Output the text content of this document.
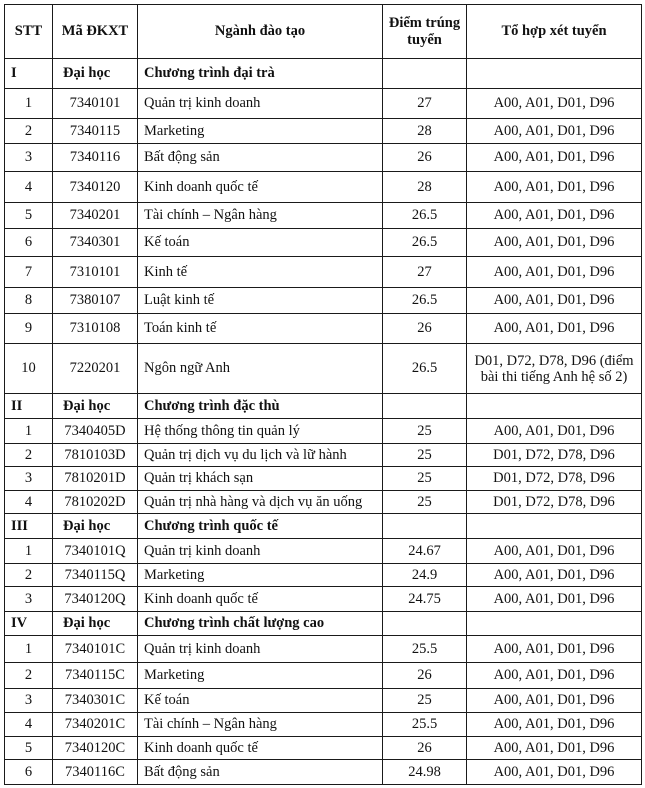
STT	Mã ĐKXT	Ngành đào tạo	Điểm trúng tuyển	Tổ hợp xét tuyển
I	Đại học	Chương trình đại trà		
1	7340101	Quản trị kinh doanh	27	A00, A01, D01, D96
2	7340115	Marketing	28	A00, A01, D01, D96
3	7340116	Bất động sản	26	A00, A01, D01, D96
4	7340120	Kinh doanh quốc tế	28	A00, A01, D01, D96
5	7340201	Tài chính – Ngân hàng	26.5	A00, A01, D01, D96
6	7340301	Kế toán	26.5	A00, A01, D01, D96
7	7310101	Kinh tế	27	A00, A01, D01, D96
8	7380107	Luật kinh tế	26.5	A00, A01, D01, D96
9	7310108	Toán kinh tế	26	A00, A01, D01, D96
10	7220201	Ngôn ngữ Anh	26.5	D01, D72, D78, D96 (điểm bài thi tiếng Anh hệ số 2)
II	Đại học	Chương trình đặc thù		
1	7340405D	Hệ thống thông tin quản lý	25	A00, A01, D01, D96
2	7810103D	Quản trị dịch vụ du lịch và lữ hành	25	D01, D72, D78, D96
3	7810201D	Quản trị khách sạn	25	D01, D72, D78, D96
4	7810202D	Quản trị nhà hàng và dịch vụ ăn uống	25	D01, D72, D78, D96
III	Đại học	Chương trình quốc tế		
1	7340101Q	Quản trị kinh doanh	24.67	A00, A01, D01, D96
2	7340115Q	Marketing	24.9	A00, A01, D01, D96
3	7340120Q	Kinh doanh quốc tế	24.75	A00, A01, D01, D96
IV	Đại học	Chương trình chất lượng cao		
1	7340101C	Quản trị kinh doanh	25.5	A00, A01, D01, D96
2	7340115C	Marketing	26	A00, A01, D01, D96
3	7340301C	Kế toán	25	A00, A01, D01, D96
4	7340201C	Tài chính – Ngân hàng	25.5	A00, A01, D01, D96
5	7340120C	Kinh doanh quốc tế	26	A00, A01, D01, D96
6	7340116C	Bất động sản	24.98	A00, A01, D01, D96
